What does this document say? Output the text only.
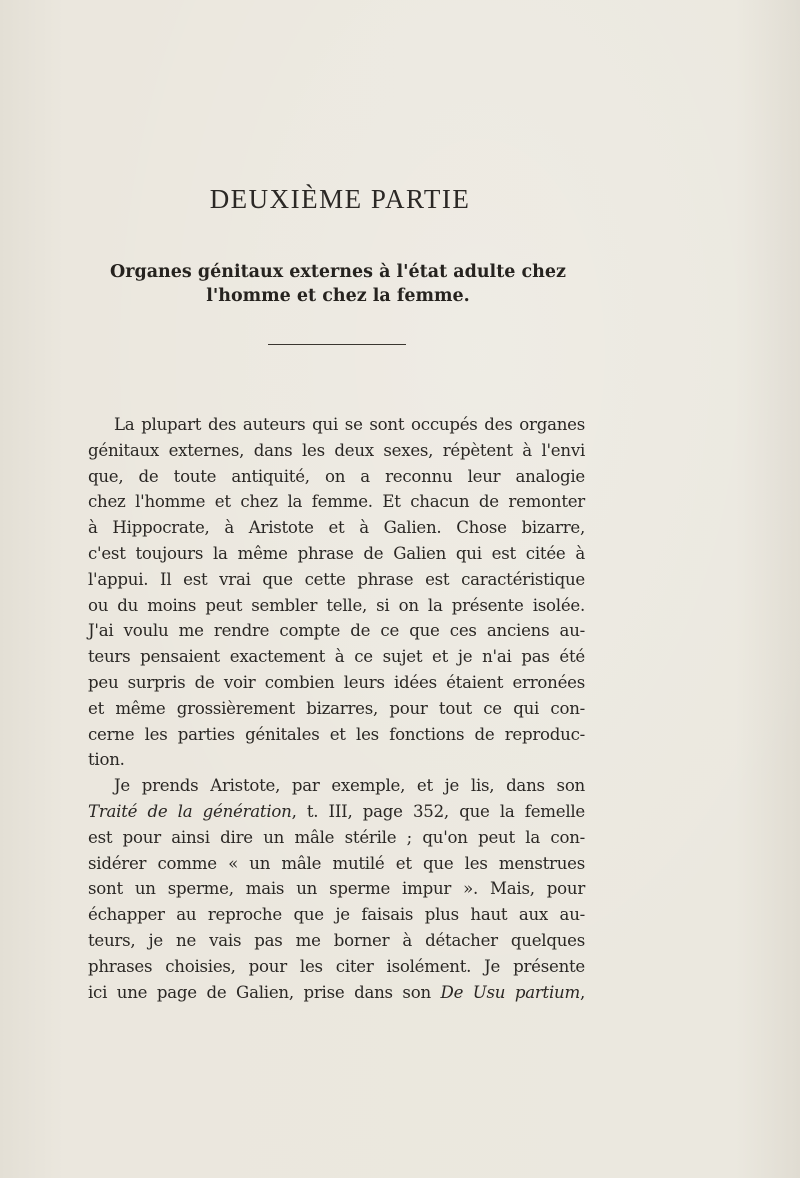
DEUXIÈME PARTIE
Organes génitaux externes à l'état adulte chez
l'homme et chez la femme.
La plupart des auteurs qui se sont occupés des organes
génitaux externes, dans les deux sexes, répètent à l'envi
que, de toute antiquité, on a reconnu leur analogie
chez l'homme et chez la femme. Et chacun de remonter
à Hippocrate, à Aristote et à Galien. Chose bizarre,
c'est toujours la même phrase de Galien qui est citée à
l'appui. Il est vrai que cette phrase est caractéristique
ou du moins peut sembler telle, si on la présente isolée.
J'ai voulu me rendre compte de ce que ces anciens au-
teurs pensaient exactement à ce sujet et je n'ai pas été
peu surpris de voir combien leurs idées étaient erronées
et même grossièrement bizarres, pour tout ce qui con-
cerne les parties génitales et les fonctions de reproduc-
tion.
Je prends Aristote, par exemple, et je lis, dans son
Traité de la génération, t. III, page 352, que la femelle
est pour ainsi dire un mâle stérile ; qu'on peut la con-
sidérer comme « un mâle mutilé et que les menstrues
sont un sperme, mais un sperme impur ». Mais, pour
échapper au reproche que je faisais plus haut aux au-
teurs, je ne vais pas me borner à détacher quelques
phrases choisies, pour les citer isolément. Je présente
ici une page de Galien, prise dans son De Usu partium,
